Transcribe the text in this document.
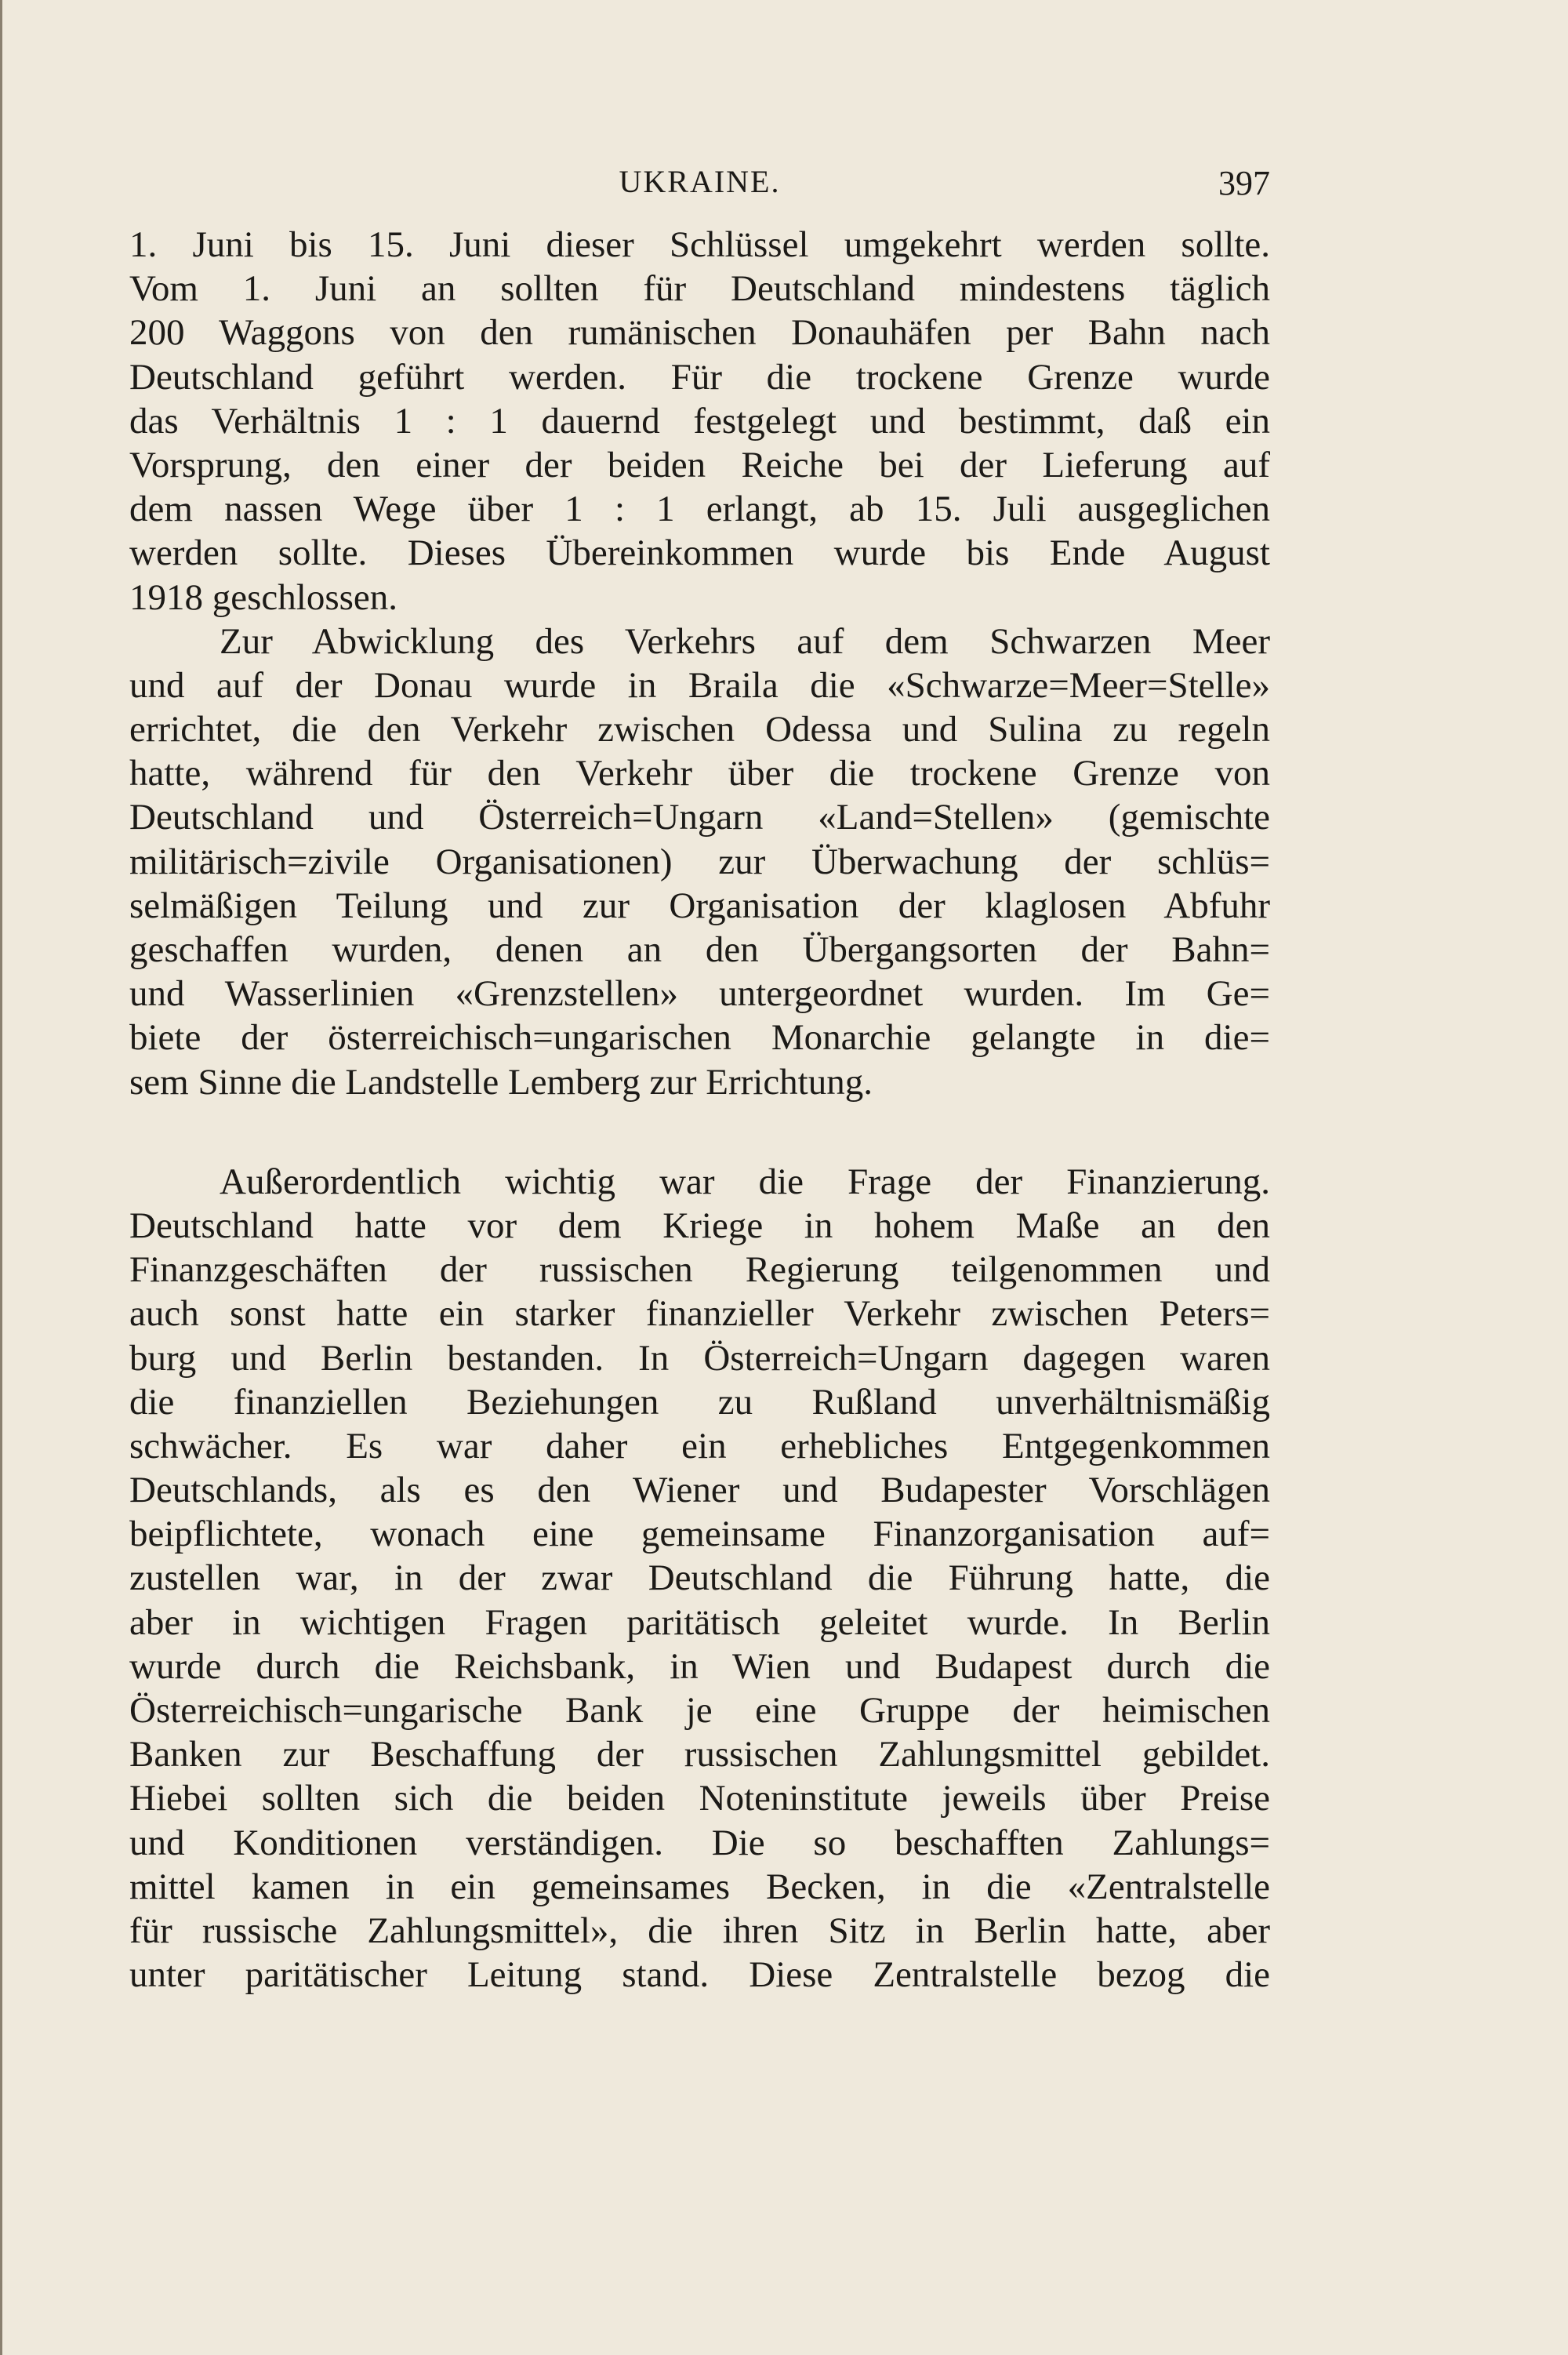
UKRAINE.	397
1. Juni bis 15. Juni dieser Schlüssel umgekehrt werden sollte.
Vom 1. Juni an sollten für Deutschland mindestens täglich
200 Waggons von den rumänischen Donauhäfen per Bahn nach
Deutschland geführt werden. Für die trockene Grenze wurde
das Verhältnis 1 : 1 dauernd festgelegt und bestimmt, daß ein
Vorsprung, den einer der beiden Reiche bei der Lieferung auf
dem nassen Wege über 1 : 1 erlangt, ab 15. Juli ausgeglichen
werden sollte. Dieses Übereinkommen wurde bis Ende August
1918 geschlossen.
Zur Abwicklung des Verkehrs auf dem Schwarzen Meer
und auf der Donau wurde in Braila die «Schwarze=Meer=Stelle»
errichtet, die den Verkehr zwischen Odessa und Sulina zu regeln
hatte, während für den Verkehr über die trockene Grenze von
Deutschland und Österreich=Ungarn «Land=Stellen» (gemischte
militärisch=zivile Organisationen) zur Überwachung der schlüs=
selmäßigen Teilung und zur Organisation der klaglosen Abfuhr
geschaffen wurden, denen an den Übergangsorten der Bahn=
und Wasserlinien «Grenzstellen» untergeordnet wurden. Im Ge=
biete der österreichisch=ungarischen Monarchie gelangte in die=
sem Sinne die Landstelle Lemberg zur Errichtung.
Außerordentlich wichtig war die Frage der Finanzierung.
Deutschland hatte vor dem Kriege in hohem Maße an den
Finanzgeschäften der russischen Regierung teilgenommen und
auch sonst hatte ein starker finanzieller Verkehr zwischen Peters=
burg und Berlin bestanden. In Österreich=Ungarn dagegen waren
die finanziellen Beziehungen zu Rußland unverhältnismäßig
schwächer. Es war daher ein erhebliches Entgegenkommen
Deutschlands, als es den Wiener und Budapester Vorschlägen
beipflichtete, wonach eine gemeinsame Finanzorganisation auf=
zustellen war, in der zwar Deutschland die Führung hatte, die
aber in wichtigen Fragen paritätisch geleitet wurde. In Berlin
wurde durch die Reichsbank, in Wien und Budapest durch die
Österreichisch=ungarische Bank je eine Gruppe der heimischen
Banken zur Beschaffung der russischen Zahlungsmittel gebildet.
Hiebei sollten sich die beiden Noteninstitute jeweils über Preise
und Konditionen verständigen. Die so beschafften Zahlungs=
mittel kamen in ein gemeinsames Becken, in die «Zentralstelle
für russische Zahlungsmittel», die ihren Sitz in Berlin hatte, aber
unter paritätischer Leitung stand. Diese Zentralstelle bezog die
